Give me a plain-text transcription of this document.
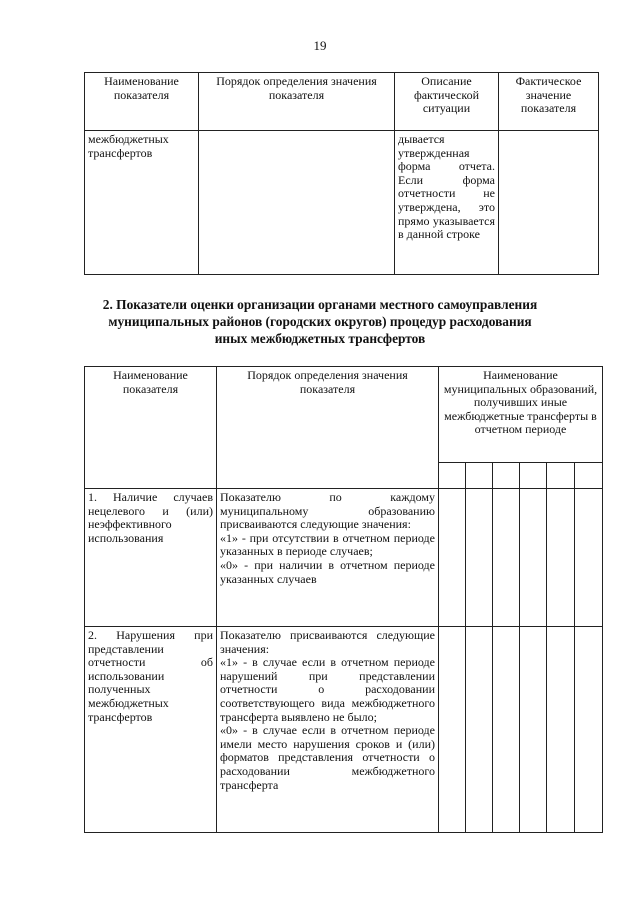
19
Наименование показателя	Порядок определения значения показателя	Описание фактической ситуации	Фактическое значение показателя
межбюджетных трансфертов		дывается утвержденная форма отчета. Если форма отчетности не утверждена, это прямо указывается в данной строке	
2. Показатели оценки организации органами местного самоуправления муниципальных районов (городских округов) процедур расходования иных межбюджетных трансфертов
Наименование показателя	Порядок определения значения показателя	Наименование муниципальных образований, получивших иные межбюджетные трансферты в отчетном периоде					

1. Наличие случаев нецелевого и (или) неэффективного использования	Показателю по каждому муниципальному образованию присваиваются следующие значения:
«1» - при отсутствии в отчетном периоде указанных в периоде случаев;
«0» - при наличии в отчетном периоде указанных случаев						

2. Нарушения при представлении отчетности об использовании полученных межбюджетных трансфертов	Показателю присваиваются следующие значения:
«1» - в случае если в отчетном периоде нарушений при представлении отчетности о расходовании соответствующего вида межбюджетного трансферта выявлено не было;
«0» - в случае если в отчетном периоде имели место нарушения сроков и (или) форматов представления отчетности о расходовании межбюджетного трансферта						
